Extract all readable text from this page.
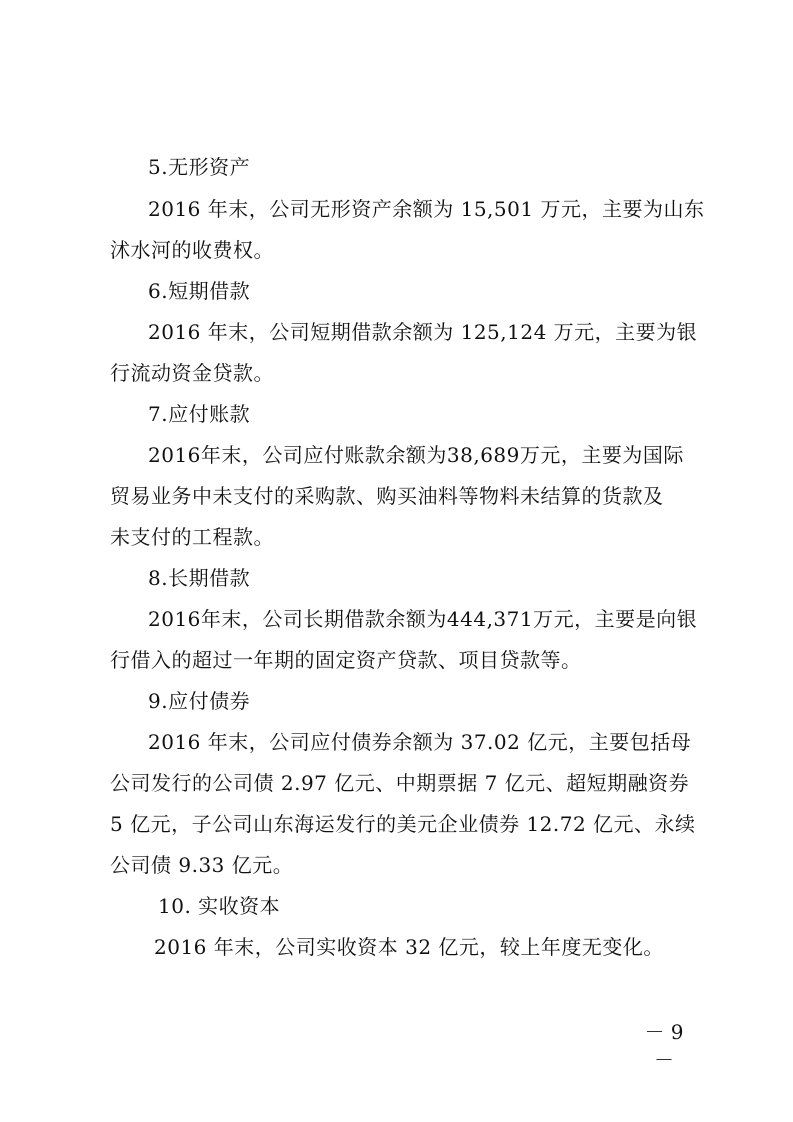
5.无形资产
2016 年末，公司无形资产余额为 15,501 万元，主要为山东
沭水河的收费权。
6.短期借款
2016 年末，公司短期借款余额为 125,124 万元，主要为银
行流动资金贷款。
7.应付账款
2016年末，公司应付账款余额为38,689万元，主要为国际
贸易业务中未支付的采购款、购买油料等物料未结算的货款及
未支付的工程款。
8.长期借款
2016年末，公司长期借款余额为444,371万元，主要是向银
行借入的超过一年期的固定资产贷款、项目贷款等。
9.应付债券
2016 年末，公司应付债券余额为 37.02 亿元，主要包括母
公司发行的公司债 2.97 亿元、中期票据 7 亿元、超短期融资券
5 亿元，子公司山东海运发行的美元企业债券 12.72 亿元、永续
公司债 9.33 亿元。
10. 实收资本
2016 年末，公司实收资本 32 亿元，较上年度无变化。
－ 9 －
